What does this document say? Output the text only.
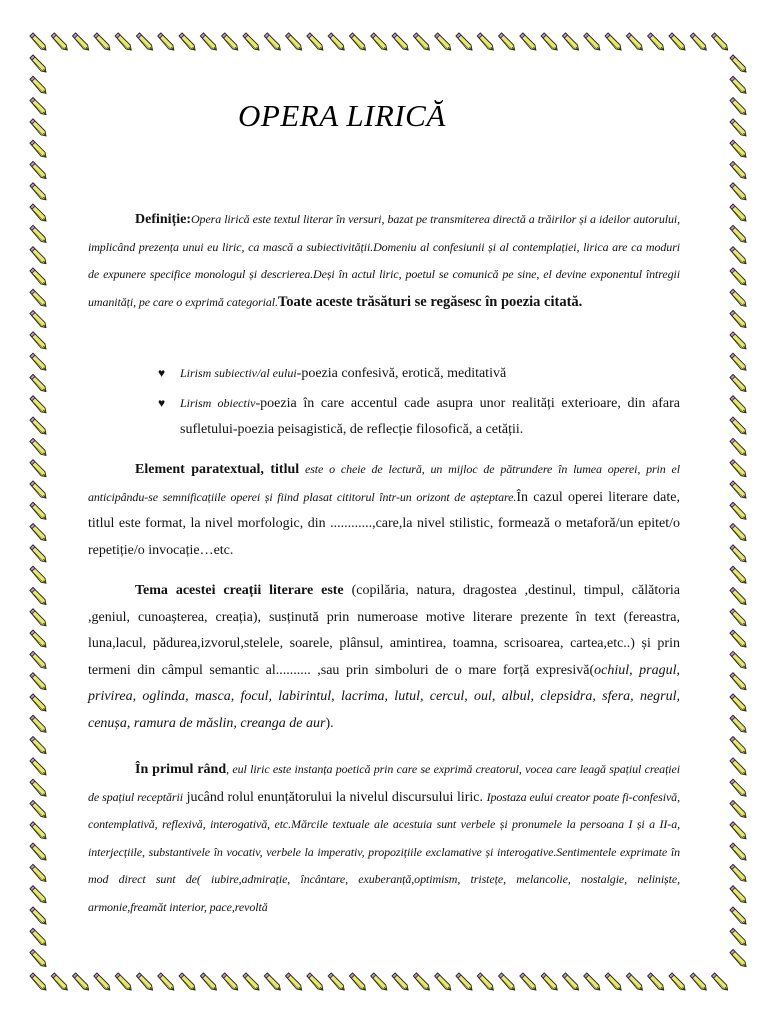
OPERA LIRICĂ

Definiție:Opera lirică este textul literar în versuri, bazat pe transmiterea directă a trăirilor și a ideilor autorului, implicând prezența unui eu liric, ca mască a subiectivității.Domeniu al confesiunii și al contemplației, lirica are ca moduri de expunere specifice monologul și descrierea.Deși în actul liric, poetul se comunică pe sine, el devine exponentul întregii umanități, pe care o exprimă categorial.Toate aceste trăsături se regăsesc în poezia citată.

♥ Lirism subiectiv/al eului-poezia confesivă, erotică, meditativă
♥ Lirism obiectiv-poezia în care accentul cade asupra unor realități exterioare, din afara sufletului-poezia peisagistică, de reflecție filosofică, a cetății.

Element paratextual, titlul este o cheie de lectură, un mijloc de pătrundere în lumea operei, prin el anticipându-se semnificațiile operei și fiind plasat cititorul într-un orizont de așteptare.În cazul operei literare date, titlul este format, la nivel morfologic, din ............,care,la nivel stilistic, formează o metaforă/un epitet/o repetiție/o invocație…etc.

Tema acestei creații literare este (copilăria, natura, dragostea ,destinul, timpul, călătoria ,geniul, cunoașterea, creația), susținută prin numeroase motive literare prezente în text (fereastra, luna,lacul, pădurea,izvorul,stelele, soarele, plânsul, amintirea, toamna, scrisoarea, cartea,etc..) și prin termeni din câmpul semantic al.......... ,sau prin simboluri de o mare forță expresivă(ochiul, pragul, privirea, oglinda, masca, focul, labirintul, lacrima, lutul, cercul, oul, albul, clepsidra, sfera, negrul, cenușa, ramura de măslin, creanga de aur).

În primul rând, eul liric este instanța poetică prin care se exprimă creatorul, vocea care leagă spațiul creației de spațiul receptării jucând rolul enunțătorului la nivelul discursului liric. Ipostaza eului creator poate fi-confesivă, contemplativă, reflexivă, interogativă, etc.Mărcile textuale ale acestuia sunt verbele și pronumele la persoana I și a II-a, interjecțiile, substantivele în vocativ, verbele la imperativ, propozițiile exclamative și interogative.Sentimentele exprimate în mod direct sunt de( iubire,admirație, încântare, exuberanță,optimism, tristețe, melancolie, nostalgie, neliniște, armonie,freamăt interior, pace,revoltă
